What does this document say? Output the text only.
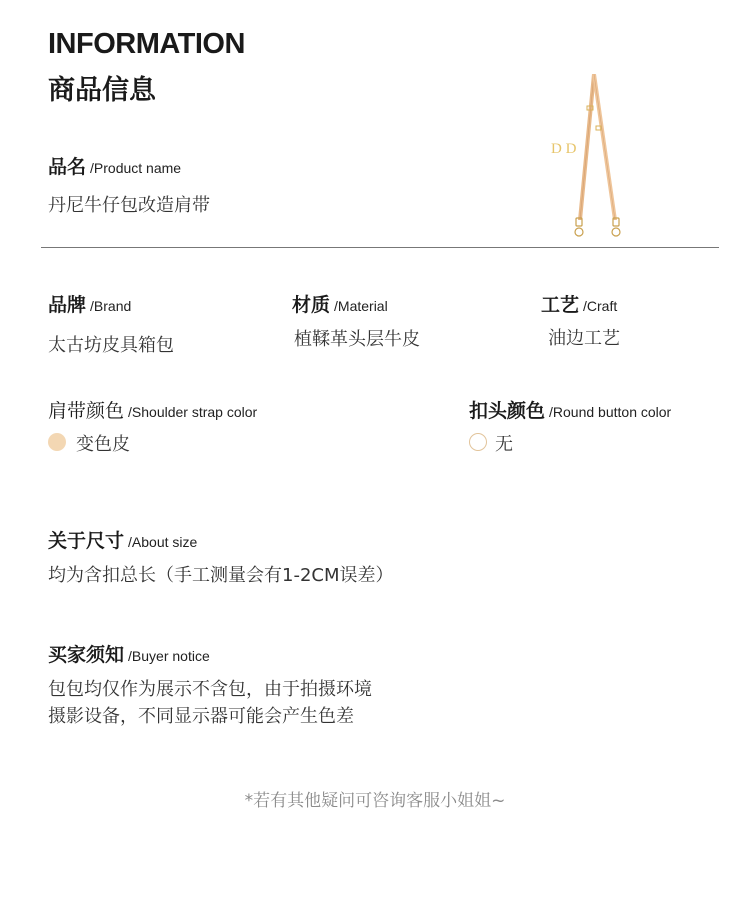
INFORMATION
商品信息
品名 /Product name
丹尼牛仔包改造肩带
D D
品牌 /Brand
太古坊皮具箱包
材质 /Material
植鞣革头层牛皮
工艺 /Craft
油边工艺
肩带颜色 /Shoulder strap color
变色皮
扣头颜色 /Round button color
无
关于尺寸 /About size
均为含扣总长（手工测量会有1-2CM误差）
买家须知 /Buyer notice
包包均仅作为展示不含包，由于拍摄环境
摄影设备，不同显示器可能会产生色差
*若有其他疑问可咨询客服小姐姐~
